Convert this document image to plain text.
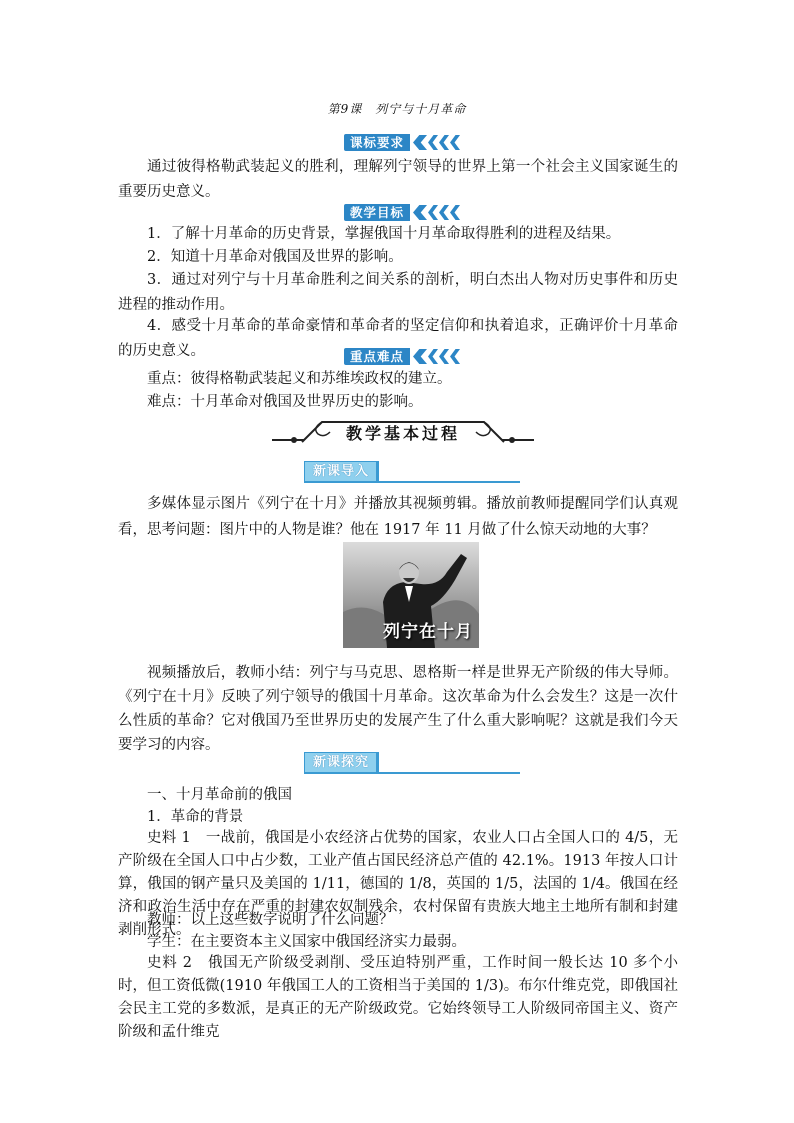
第9课　列宁与十月革命
课标要求
通过彼得格勒武装起义的胜利，理解列宁领导的世界上第一个社会主义国家诞生的重要历史意义。
教学目标
1．了解十月革命的历史背景，掌握俄国十月革命取得胜利的进程及结果。
2．知道十月革命对俄国及世界的影响。
3．通过对列宁与十月革命胜利之间关系的剖析，明白杰出人物对历史事件和历史进程的推动作用。
4．感受十月革命的革命豪情和革命者的坚定信仰和执着追求，正确评价十月革命的历史意义。	重点难点
重点：彼得格勒武装起义和苏维埃政权的建立。
难点：十月革命对俄国及世界历史的影响。
教学基本过程
新课导入
多媒体显示图片《列宁在十月》并播放其视频剪辑。播放前教师提醒同学们认真观看，思考问题：图片中的人物是谁？他在 1917 年 11 月做了什么惊天动地的大事？
列宁在十月
视频播放后，教师小结：列宁与马克思、恩格斯一样是世界无产阶级的伟大导师。《列宁在十月》反映了列宁领导的俄国十月革命。这次革命为什么会发生？这是一次什么性质的革命？它对俄国乃至世界历史的发展产生了什么重大影响呢？这就是我们今天要学习的内容。
新课探究
一、十月革命前的俄国
1．革命的背景
史料 1　 一战前，俄国是小农经济占优势的国家，农业人口占全国人口的 4/5，无产阶级在全国人口中占少数，工业产值占国民经济总产值的 42.1%。1913 年按人口计算，俄国的钢产量只及美国的 1/11，德国的 1/8，英国的 1/5，法国的 1/4。俄国在经济和政治生活中存在严重的封建农奴制残余，农村保留有贵族大地主土地所有制和封建剥削形式。
教师：以上这些数字说明了什么问题？
学生：在主要资本主义国家中俄国经济实力最弱。
史料 2　 俄国无产阶级受剥削、受压迫特别严重，工作时间一般长达 10 多个小时，但工资低微(1910 年俄国工人的工资相当于美国的 1/3)。布尔什维克党，即俄国社会民主工党的多数派，是真正的无产阶级政党。它始终领导工人阶级同帝国主义、资产阶级和孟什维克
